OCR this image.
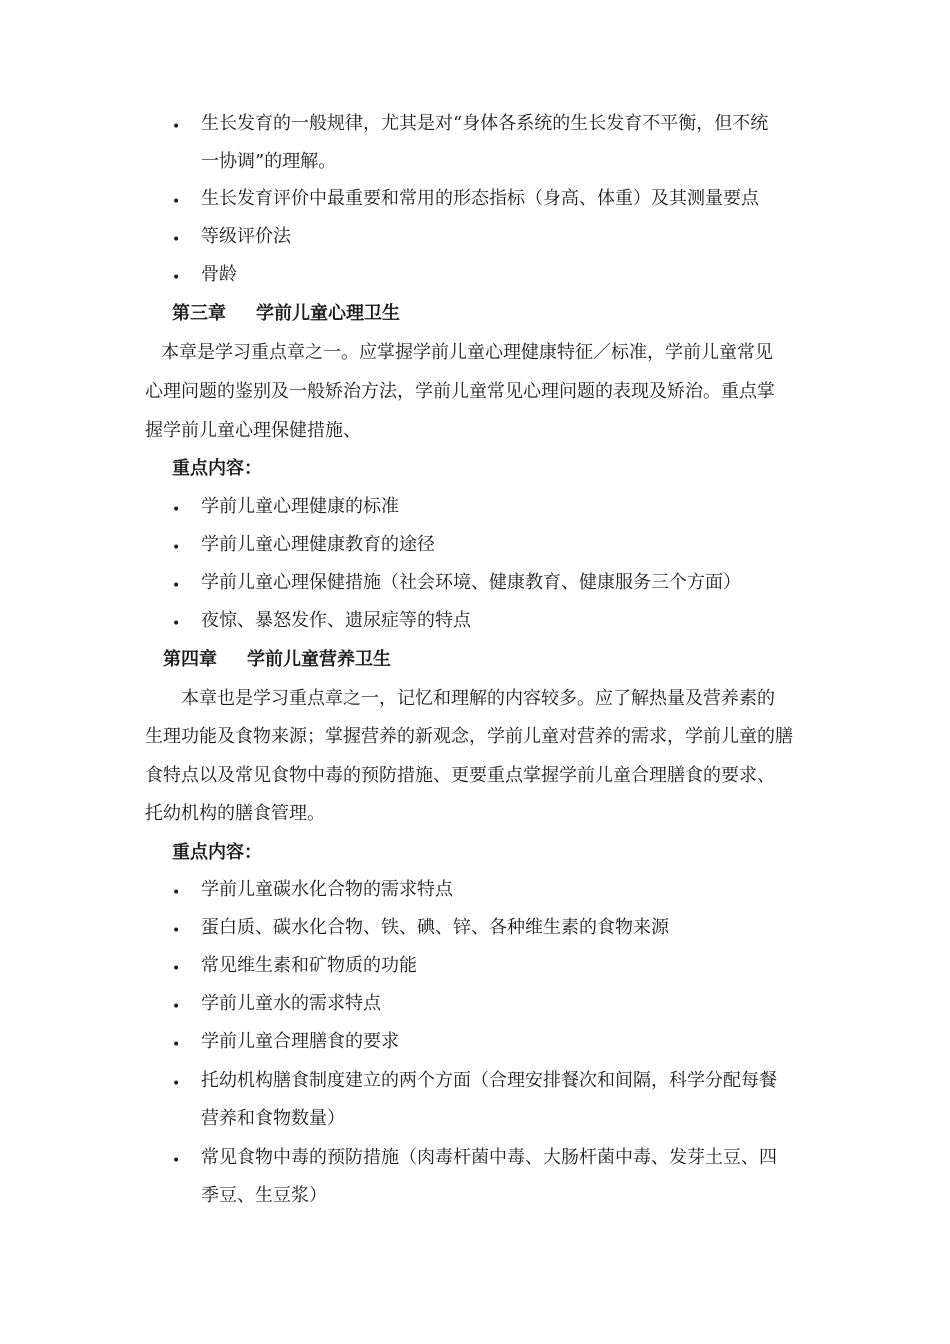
•	生长发育的一般规律，尤其是对“身体各系统的生长发育不平衡，但不统
一协调”的理解。
•	生长发育评价中最重要和常用的形态指标（身高、体重）及其测量要点
•	等级评价法
•	骨龄
第三章 学前儿童心理卫生
本章是学习重点章之一。应掌握学前儿童心理健康特征／标准，学前儿童常见
心理问题的鉴别及一般矫治方法，学前儿童常见心理问题的表现及矫治。重点掌
握学前儿童心理保健措施、
重点内容：
•	学前儿童心理健康的标准
•	学前儿童心理健康教育的途径
•	学前儿童心理保健措施（社会环境、健康教育、健康服务三个方面）
•	夜惊、暴怒发作、遗尿症等的特点
第四章 学前儿童营养卫生
本章也是学习重点章之一，记忆和理解的内容较多。应了解热量及营养素的
生理功能及食物来源；掌握营养的新观念，学前儿童对营养的需求，学前儿童的膳
食特点以及常见食物中毒的预防措施、更要重点掌握学前儿童合理膳食的要求、
托幼机构的膳食管理。
重点内容：
•	学前儿童碳水化合物的需求特点
•	蛋白质、碳水化合物、铁、碘、锌、各种维生素的食物来源
•	常见维生素和矿物质的功能
•	学前儿童水的需求特点
•	学前儿童合理膳食的要求
•	托幼机构膳食制度建立的两个方面（合理安排餐次和间隔，科学分配每餐
营养和食物数量）
•	常见食物中毒的预防措施（肉毒杆菌中毒、大肠杆菌中毒、发芽土豆、四
季豆、生豆浆）
